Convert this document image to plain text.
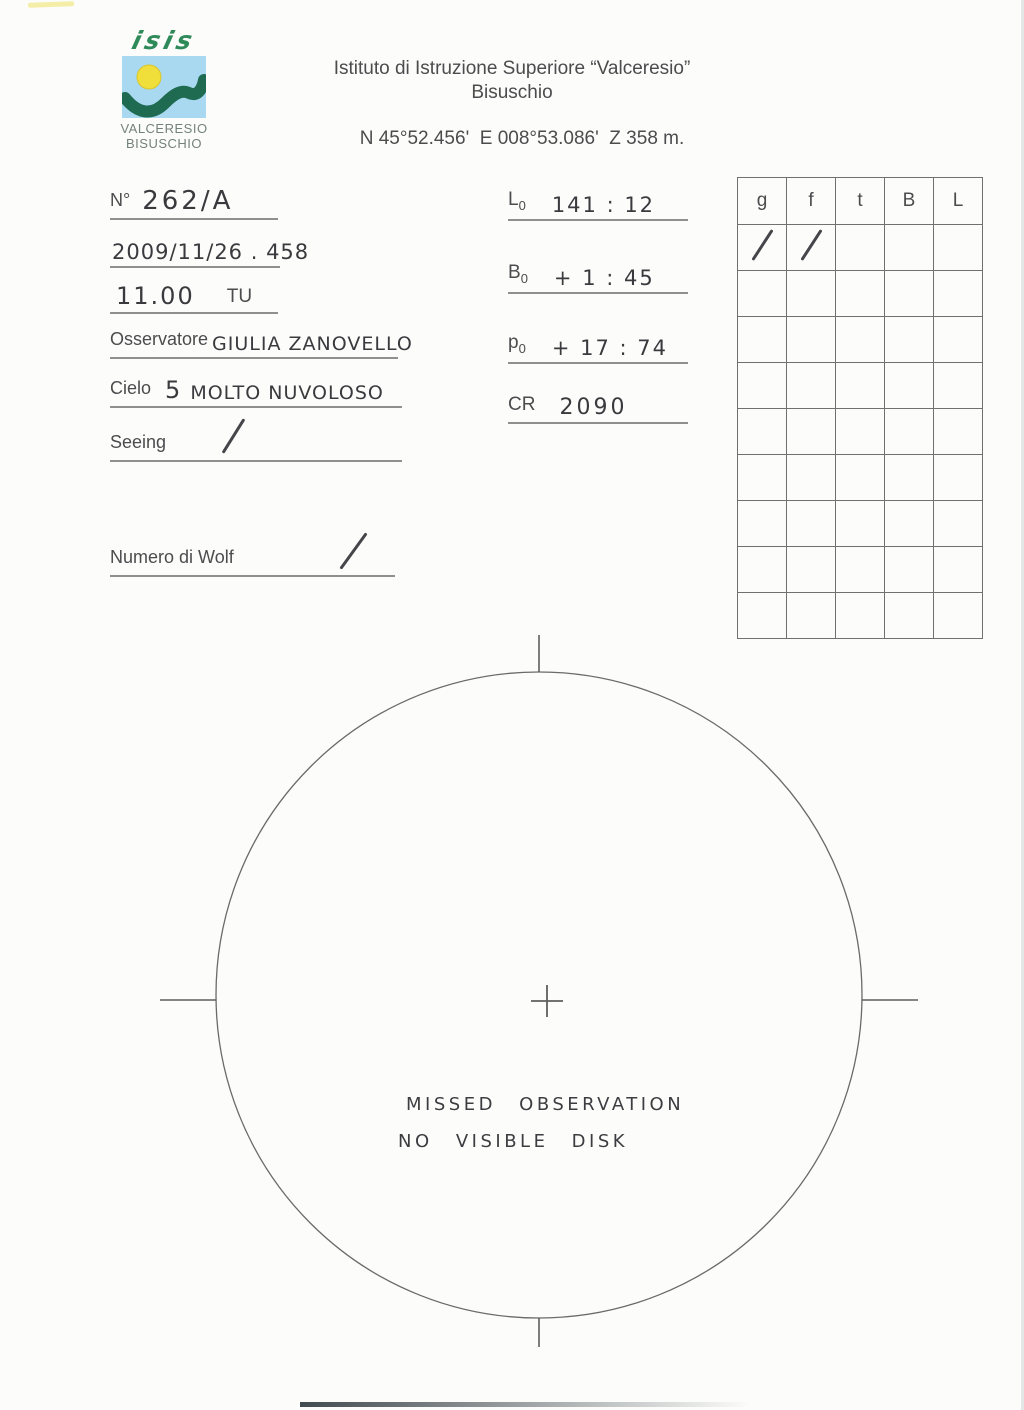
isis
VALCERESIO
BISUSCHIO
Istituto di Istruzione Superiore “Valceresio”
Bisuschio
N 45°52.456'  E 008°53.086'  Z 358 m.
N° 262/A
2009/11/26 . 458
11.00 TU
Osservatore GIULIA ZANOVELLO
Cielo 5 MOLTO NUVOLOSO
Seeing
Numero di Wolf
$L_0$ 141 : 12
$B_0 + 1$ : 45
$p_0 + 17$ : 74
CR 2090
g	f	t	B	L

MISSED OBSERVATION
NO VISIBLE DISK
